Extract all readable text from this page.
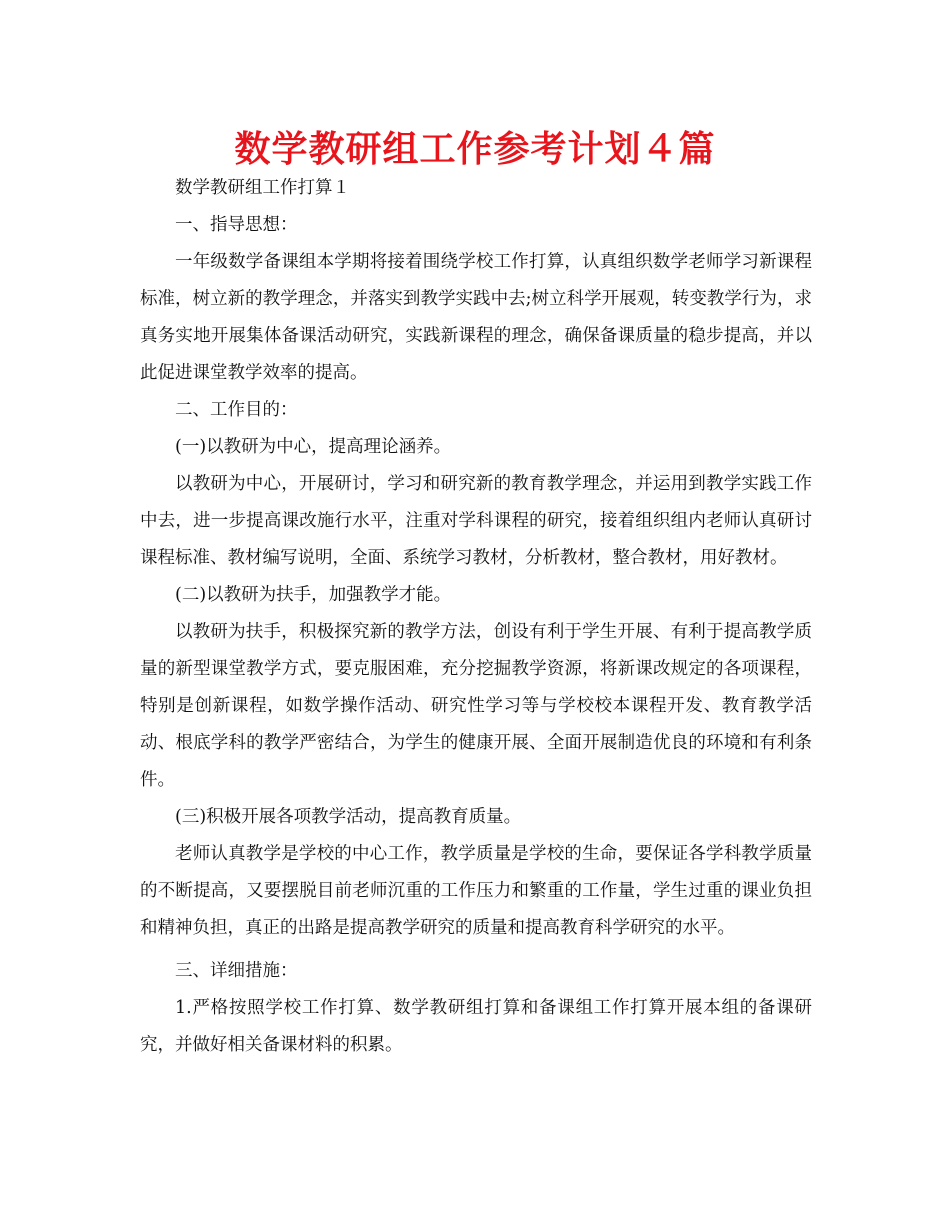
数学教研组工作参考计划４篇

数学教研组工作打算１

一、指导思想：

一年级数学备课组本学期将接着围绕学校工作打算，认真组织数学老师学习新课程标准，树立新的教学理念，并落实到教学实践中去;树立科学开展观，转变教学行为，求真务实地开展集体备课活动研究，实践新课程的理念，确保备课质量的稳步提高，并以此促进课堂教学效率的提高。

二、工作目的：

(一)以教研为中心，提高理论涵养。

以教研为中心，开展研讨，学习和研究新的教育教学理念，并运用到教学实践工作中去，进一步提高课改施行水平，注重对学科课程的研究，接着组织组内老师认真研讨课程标准、教材编写说明，全面、系统学习教材，分析教材，整合教材，用好教材。

(二)以教研为扶手，加强教学才能。

以教研为扶手，积极探究新的教学方法，创设有利于学生开展、有利于提高教学质量的新型课堂教学方式，要克服困难，充分挖掘教学资源，将新课改规定的各项课程，特别是创新课程，如数学操作活动、研究性学习等与学校校本课程开发、教育教学活动、根底学科的教学严密结合，为学生的健康开展、全面开展制造优良的环境和有利条件。

(三)积极开展各项教学活动，提高教育质量。

老师认真教学是学校的中心工作，教学质量是学校的生命，要保证各学科教学质量的不断提高，又要摆脱目前老师沉重的工作压力和繁重的工作量，学生过重的课业负担和精神负担，真正的出路是提高教学研究的质量和提高教育科学研究的水平。

三、详细措施：

1.严格按照学校工作打算、数学教研组打算和备课组工作打算开展本组的备课研究，并做好相关备课材料的积累。
